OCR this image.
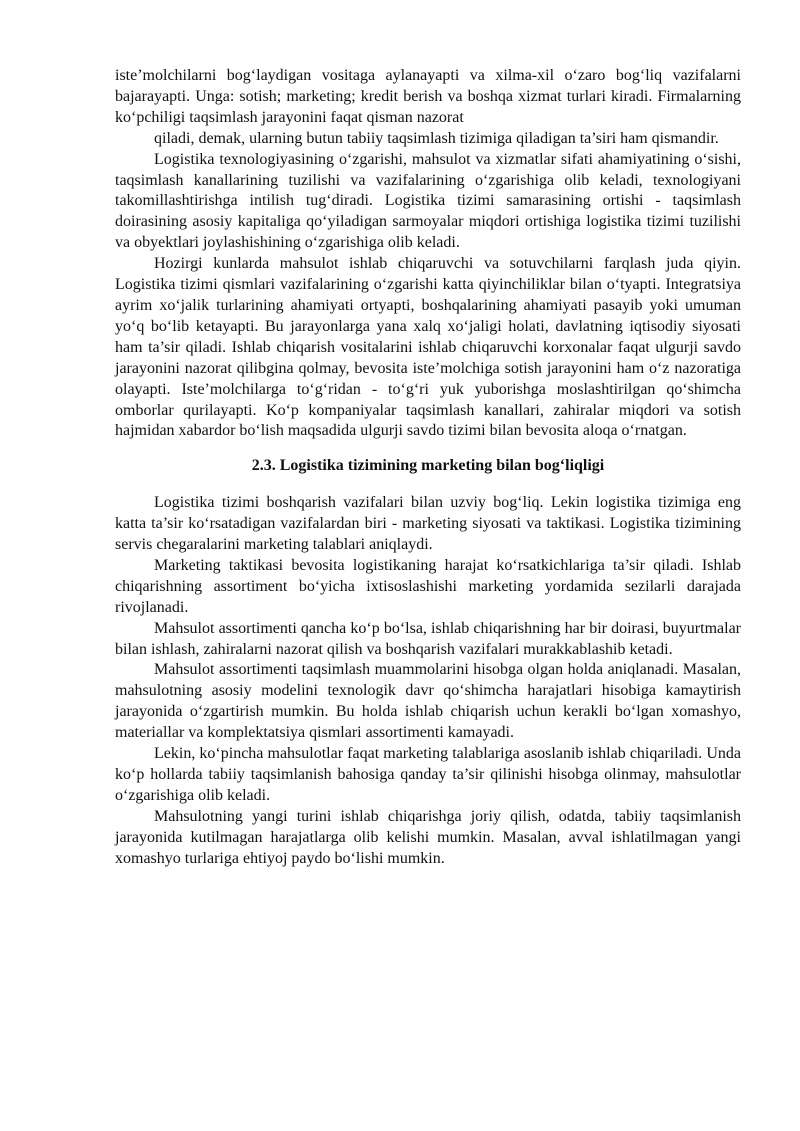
iste’molchilarni bog‘laydigan vositaga aylanayapti va xilma-xil o‘zaro bog‘liq vazifalarni bajarayapti. Unga: sotish; marketing; kredit berish va boshqa xizmat turlari kiradi. Firmalarning ko‘pchiligi taqsimlash jarayonini faqat qisman nazorat

qiladi, demak, ularning butun tabiiy taqsimlash tizimiga qiladigan ta’siri ham qismandir.

Logistika texnologiyasining o‘zgarishi, mahsulot va xizmatlar sifati ahamiyatining o‘sishi, taqsimlash kanallarining tuzilishi va vazifalarining o‘zgarishiga olib keladi, texnologiyani takomillashtirishga intilish tug‘diradi. Logistika tizimi samarasining ortishi - taqsimlash doirasining asosiy kapitaliga qo‘yiladigan sarmoyalar miqdori ortishiga logistika tizimi tuzilishi va obyektlari joylashishining o‘zgarishiga olib keladi.

Hozirgi kunlarda mahsulot ishlab chiqaruvchi va sotuvchilarni farqlash juda qiyin. Logistika tizimi qismlari vazifalarining o‘zgarishi katta qiyinchiliklar bilan o‘tyapti. Integratsiya ayrim xo‘jalik turlarining ahamiyati ortyapti, boshqalarining ahamiyati pasayib yoki umuman yo‘q bo‘lib ketayapti. Bu jarayonlarga yana xalq xo‘jaligi holati, davlatning iqtisodiy siyosati ham ta’sir qiladi. Ishlab chiqarish vositalarini ishlab chiqaruvchi korxonalar faqat ulgurji savdo jarayonini nazorat qilibgina qolmay, bevosita iste’molchiga sotish jarayonini ham o‘z nazoratiga olayapti. Iste’molchilarga to‘g‘ridan - to‘g‘ri yuk yuborishga moslashtirilgan qo‘shimcha omborlar qurilayapti. Ko‘p kompaniyalar taqsimlash kanallari, zahiralar miqdori va sotish hajmidan xabardor bo‘lish maqsadida ulgurji savdo tizimi bilan bevosita aloqa o‘rnatgan.

2.3. Logistika tizimining marketing bilan bog‘liqligi

Logistika tizimi boshqarish vazifalari bilan uzviy bog‘liq. Lekin logistika tizimiga eng katta ta’sir ko‘rsatadigan vazifalardan biri - marketing siyosati va taktikasi. Logistika tizimining servis chegaralarini marketing talablari aniqlaydi.

Marketing taktikasi bevosita logistikaning harajat ko‘rsatkichlariga ta’sir qiladi. Ishlab chiqarishning assortiment bo‘yicha ixtisoslashishi marketing yordamida sezilarli darajada rivojlanadi.

Mahsulot assortimenti qancha ko‘p bo‘lsa, ishlab chiqarishning har bir doirasi, buyurtmalar bilan ishlash, zahiralarni nazorat qilish va boshqarish vazifalari murakkablashib ketadi.

Mahsulot assortimenti taqsimlash muammolarini hisobga olgan holda aniqlanadi. Masalan, mahsulotning asosiy modelini texnologik davr qo‘shimcha harajatlari hisobiga kamaytirish jarayonida o‘zgartirish mumkin. Bu holda ishlab chiqarish uchun kerakli bo‘lgan xomashyo, materiallar va komplektatsiya qismlari assortimenti kamayadi.

Lekin, ko‘pincha mahsulotlar faqat marketing talablariga asoslanib ishlab chiqariladi. Unda ko‘p hollarda tabiiy taqsimlanish bahosiga qanday ta’sir qilinishi hisobga olinmay, mahsulotlar o‘zgarishiga olib keladi.

Mahsulotning yangi turini ishlab chiqarishga joriy qilish, odatda, tabiiy taqsimlanish jarayonida kutilmagan harajatlarga olib kelishi mumkin. Masalan, avval ishlatilmagan yangi xomashyo turlariga ehtiyoj paydo bo‘lishi mumkin.
